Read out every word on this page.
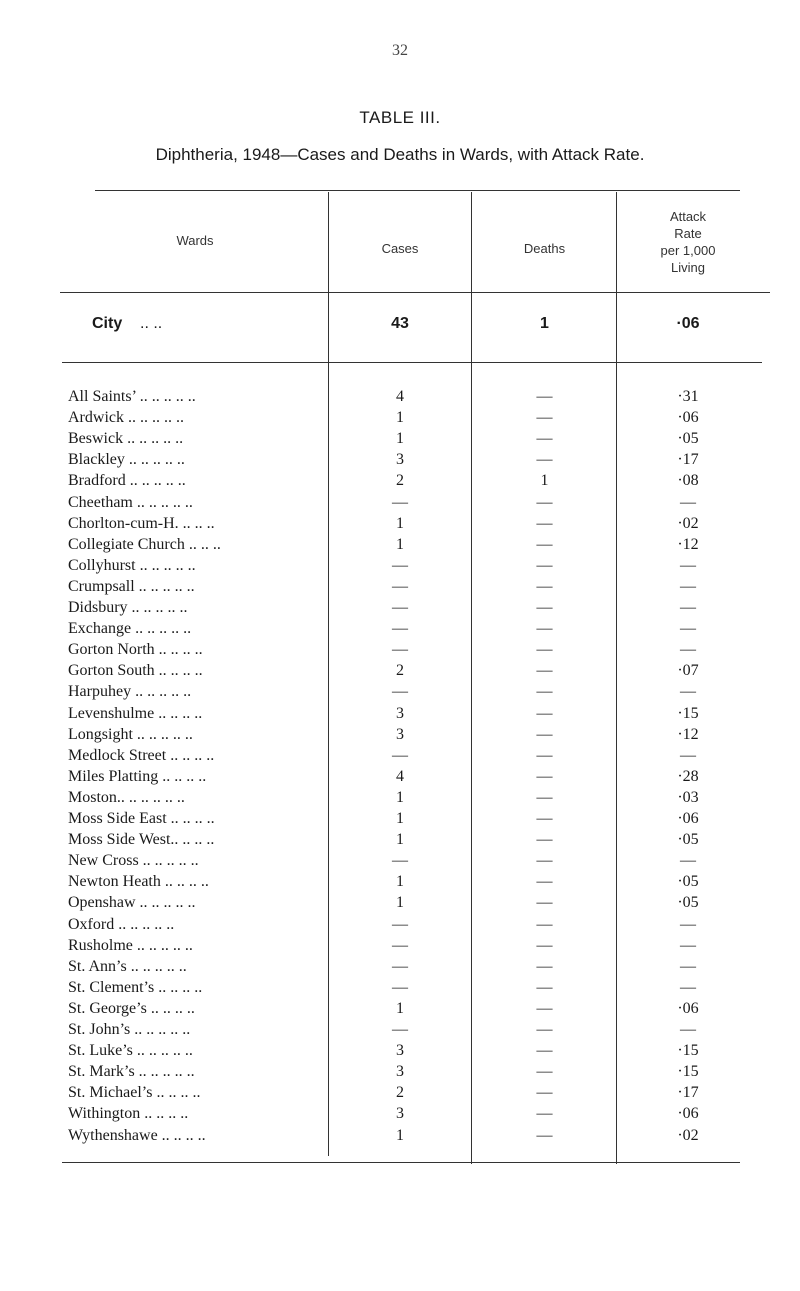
32
TABLE III.
Diphtheria, 1948—Cases and Deaths in Wards, with Attack Rate.
Wards
Cases	Deaths
Attack
Rate
per 1,000
Living
City .. ..	43	1	·06
All Saints’ .. .. .. .. ..	4	—	·31
Ardwick .. .. .. .. ..	1	—	·06
Beswick .. .. .. .. ..	1	—	·05
Blackley .. .. .. .. ..	3	—	·17
Bradford .. .. .. .. ..	2	1	·08
Cheetham .. .. .. .. ..	—	—	—
Chorlton-cum-H. .. .. ..	1	—	·02
Collegiate Church .. .. ..	1	—	·12
Collyhurst .. .. .. .. ..	—	—	—
Crumpsall .. .. .. .. ..	—	—	—
Didsbury .. .. .. .. ..	—	—	—
Exchange .. .. .. .. ..	—	—	—
Gorton North .. .. .. ..	—	—	—
Gorton South .. .. .. ..	2	—	·07
Harpuhey .. .. .. .. ..	—	—	—
Levenshulme .. .. .. ..	3	—	·15
Longsight .. .. .. .. ..	3	—	·12
Medlock Street .. .. .. ..	—	—	—
Miles Platting .. .. .. ..	4	—	·28
Moston.. .. .. .. .. ..	1	—	·03
Moss Side East .. .. .. ..	1	—	·06
Moss Side West.. .. .. ..	1	—	·05
New Cross .. .. .. .. ..	—	—	—
Newton Heath .. .. .. ..	1	—	·05
Openshaw .. .. .. .. ..	1	—	·05
Oxford .. .. .. .. ..	—	—	—
Rusholme .. .. .. .. ..	—	—	—
St. Ann’s .. .. .. .. ..	—	—	—
St. Clement’s .. .. .. ..	—	—	—
St. George’s .. .. .. ..	1	—	·06
St. John’s .. .. .. .. ..	—	—	—
St. Luke’s .. .. .. .. ..	3	—	·15
St. Mark’s .. .. .. .. ..	3	—	·15
St. Michael’s .. .. .. ..	2	—	·17
Withington .. .. .. ..	3	—	·06
Wythenshawe .. .. .. ..	1	—	·02
